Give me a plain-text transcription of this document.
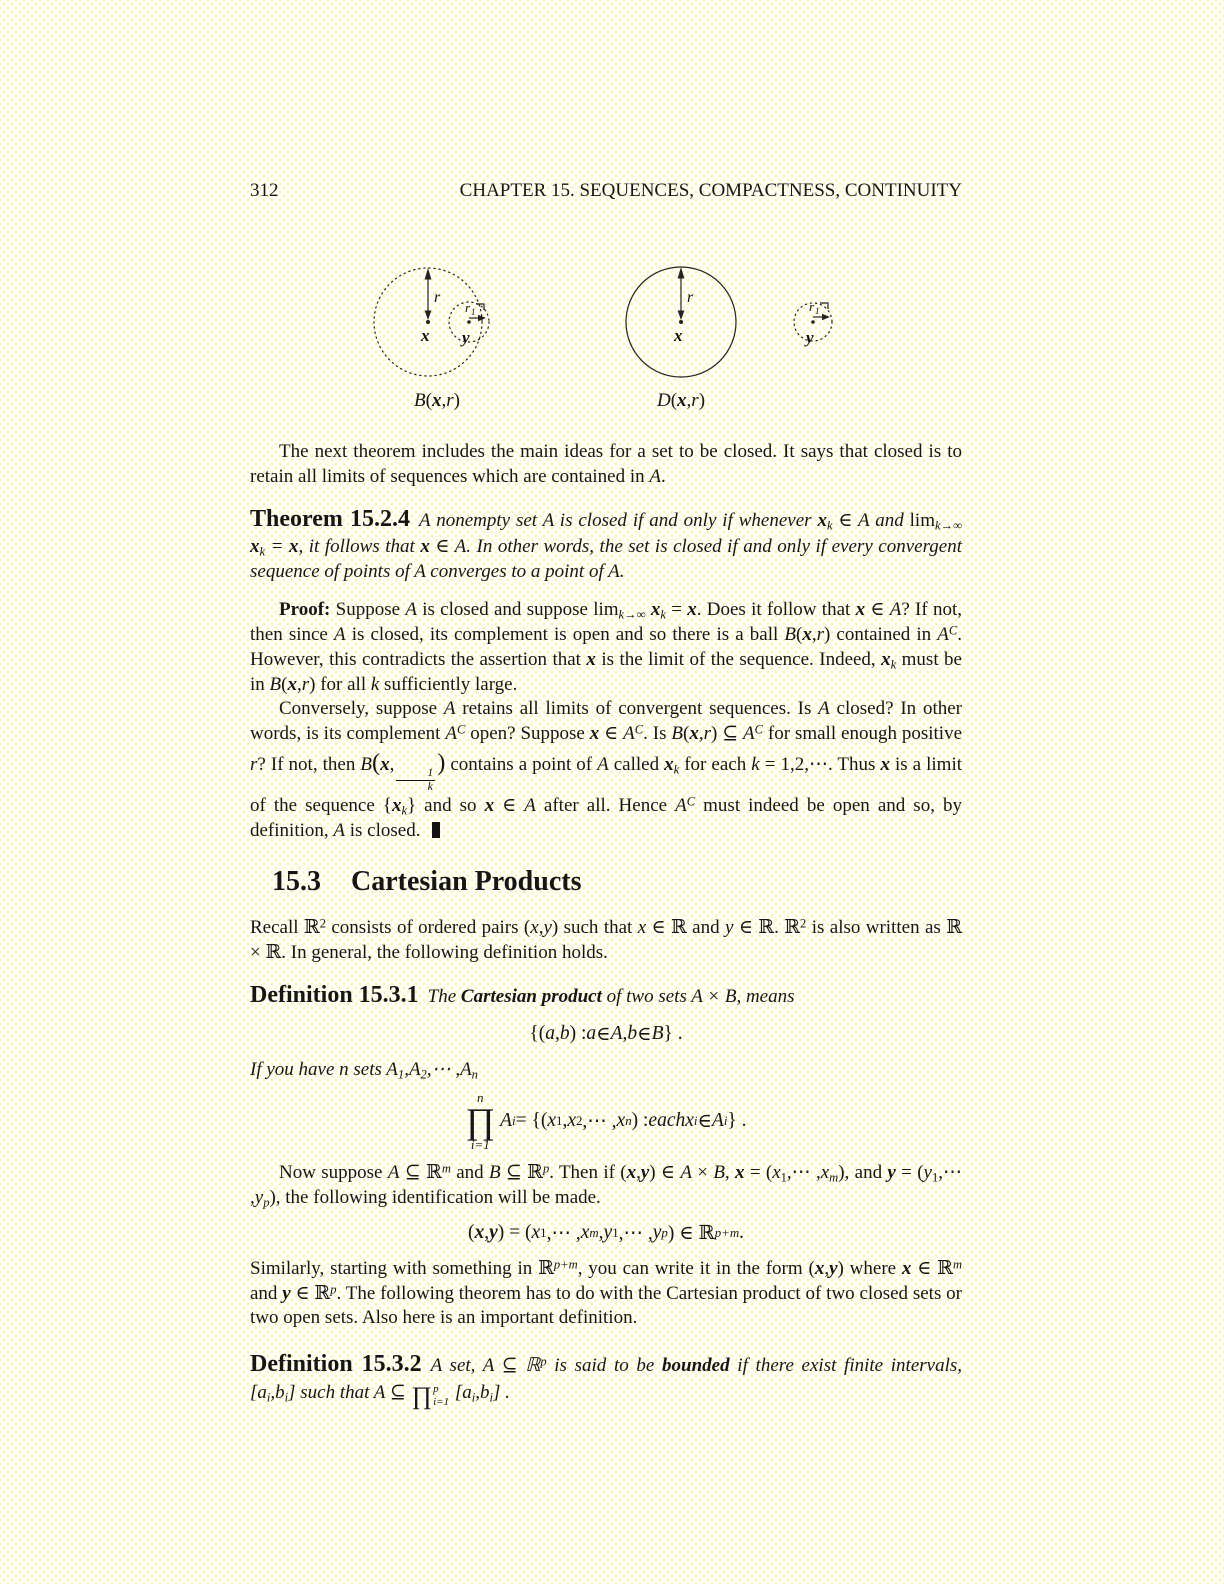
312	CHAPTER 15. SEQUENCES, COMPACTNESS, CONTINUITY
r
x y
r 1
B(x,r)
r
x
D(x,r)
y
r 1

The next theorem includes the main ideas for a set to be closed. It says that closed is to retain all limits of sequences which are contained in A.

Theorem 15.2.4 A nonempty set A is closed if and only if whenever $x_k$ ∈ A and $\lim_{k\to\infty} x_k = x$, it follows that x ∈ A. In other words, the set is closed if and only if every convergent sequence of points of A converges to a point of A.

Proof: Suppose A is closed and suppose $\lim_{k\to\infty} x_k = x$. Does it follow that x ∈ A? If not, then since A is closed, its complement is open and so there is a ball B(x,r) contained in $A^C$. However, this contradicts the assertion that x is the limit of the sequence. Indeed, $x_k$ must be in B(x,r) for all k sufficiently large.

Conversely, suppose A retains all limits of convergent sequences. Is A closed? In other words, is its complement $A^C$ open? Suppose x ∈ $A^C$. Is B(x,r) ⊆ $A^C$ for small enough positive r? If not, then B(x,
$\frac{1}{k}$
) contains a point of A called $x_k$ for each k = 1,2,⋯. Thus x is a limit of the sequence $\{x_k\}$ and so x ∈ A after all. Hence $A^C$ must indeed be open and so, by definition, A is closed.

15.3 Cartesian Products

Recall ℝ$^2$ consists of ordered pairs (x,y) such that x ∈ ℝ and y ∈ ℝ. ℝ$^2$ is also written as ℝ × ℝ. In general, the following definition holds.

Definition 15.3.1 The Cartesian product of two sets A × B, means

{( a , b ) : a ∈ A , b ∈ B } .

If you have n sets $A_1,A_2,\cdots$ $,A_n$

n
∏
i=1
A i = {( x 1 , x 2 ,⋯ , x n ) : each x i ∈ A i } .

Now suppose A ⊆ ℝ$^m$ and B ⊆ ℝ$^p$. Then if (x,y) ∈ A × B, $x = (x_1,\cdots$ $,x_m$), and $y = (y_1,\cdots$ $,y_p$), the following identification will be made.

( x , y ) = ( x 1 ,⋯ , x m , y 1 ,⋯ , y p ) ∈ ℝ p+m .

Similarly, starting with something in ℝ$^{p+m}$, you can write it in the form (x,y) where x ∈ ℝ$^m$ and y ∈ ℝ$^p$. The following theorem has to do with the Cartesian product of two closed sets or two open sets. Also here is an important definition.

Definition 15.3.2 A set, A ⊆ ℝ$^p$ is said to be bounded if there exist finite intervals, $[a_i,b_i]$ such that A ⊆ ∏ p
i=1 $[a_i,b_i]$ .
